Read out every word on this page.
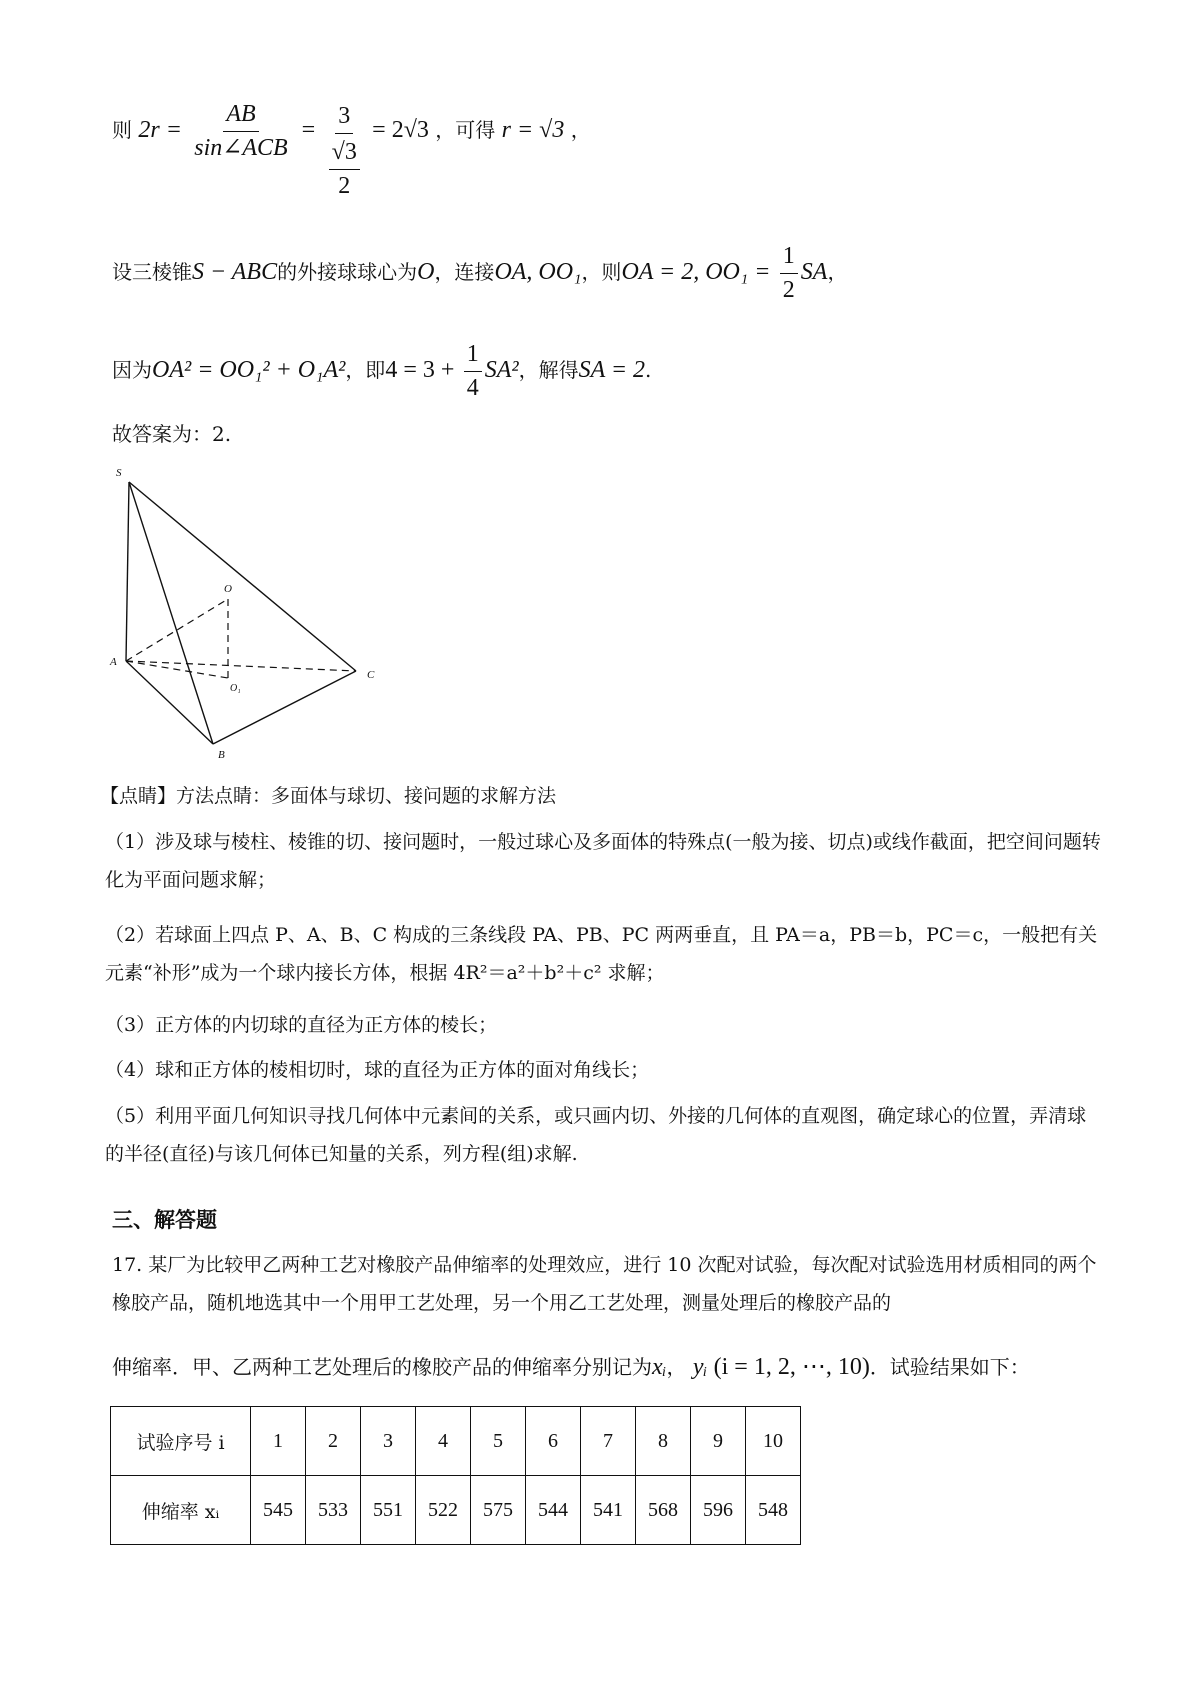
则 $2r = \frac{AB}{\text{sin∠ACB}} = \frac{3}{\frac{√3}{2}} = 2√3$ ，可得 r = √3 ，
设三棱锥S − ABC的外接球球心为O，连接OA, OO₁，则OA = 2, $OO_1 = \frac{1}{2}$ SA，
因为OA² = OO₁² + O₁A²，即$4 = 3 + \frac{1}{4} SA^2$，解得SA = 2.
故答案为：2.
S
O
A
C
O₁
B
【点睛】方法点睛：多面体与球切、接问题的求解方法
（1）涉及球与棱柱、棱锥的切、接问题时，一般过球心及多面体的特殊点(一般为接、切点)或线作截面，把空间问题转化为平面问题求解；
（2）若球面上四点 P、A、B、C 构成的三条线段 PA、PB、PC 两两垂直，且 PA＝a，PB＝b，PC＝c，一般把有关元素“补形”成为一个球内接长方体，根据 4R²＝a²＋b²＋c² 求解；
（3）正方体的内切球的直径为正方体的棱长；
（4）球和正方体的棱相切时，球的直径为正方体的面对角线长；
（5）利用平面几何知识寻找几何体中元素间的关系，或只画内切、外接的几何体的直观图，确定球心的位置，弄清球的半径(直径)与该几何体已知量的关系，列方程(组)求解.
三、解答题
17. 某厂为比较甲乙两种工艺对橡胶产品伸缩率的处理效应，进行 10 次配对试验，每次配对试验选用材质相同的两个橡胶产品，随机地选其中一个用甲工艺处理，另一个用乙工艺处理，测量处理后的橡胶产品的
伸缩率．甲、乙两种工艺处理后的橡胶产品的伸缩率分别记为xᵢ， yᵢ (i = 1, 2, ⋯, 10)．试验结果如下：
试验序号 i	1	2	3	4	5	6	7	8	9	10
伸缩率 xᵢ	545	533	551	522	575	544	541	568	596	548
